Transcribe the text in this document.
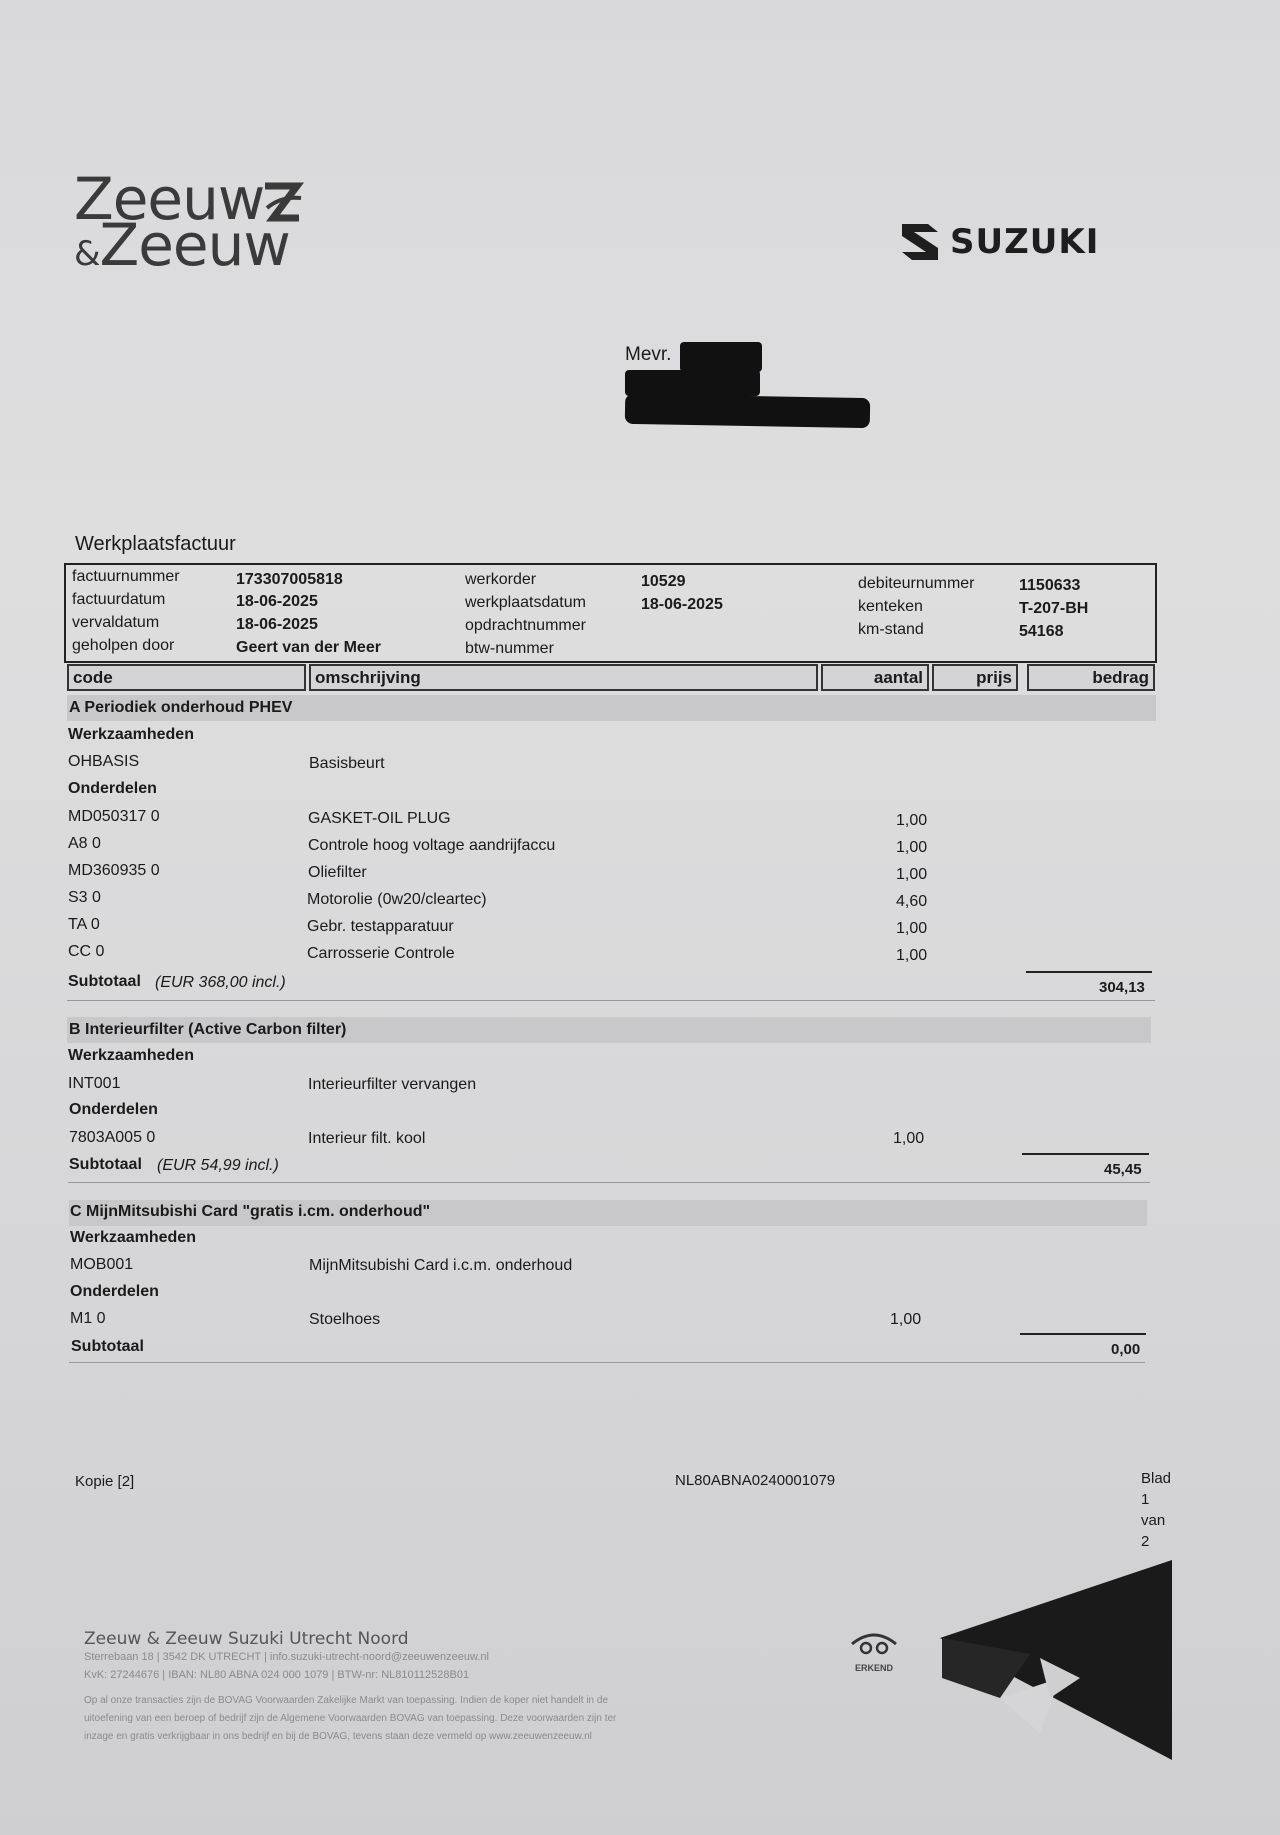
Zeeuw
&Zeeuw	SUZUKI
Mevr.
Werkplaatsfactuur
factuurnummer	173307005818
factuurdatum	18-06-2025
vervaldatum	18-06-2025
geholpen door	Geert van der Meer
werkorder	10529
werkplaatsdatum	18-06-2025
opdrachtnummer
btw-nummer
debiteurnummer	1150633
kenteken	T-207-BH
km-stand	54168
code	omschrijving	aantal	prijs	bedrag
A Periodiek onderhoud PHEV
Werkzaamheden
OHBASIS	Basisbeurt
Onderdelen
MD050317 0	GASKET-OIL PLUG	1,00
A8 0	Controle hoog voltage aandrijfaccu	1,00
MD360935 0	Oliefilter	1,00
S3 0	Motorolie (0w20/cleartec)	4,60
TA 0	Gebr. testapparatuur	1,00
CC 0	Carrosserie Controle	1,00
Subtotaal (EUR 368,00 incl.)	304,13
B Interieurfilter (Active Carbon filter)
Werkzaamheden
INT001	Interieurfilter vervangen
Onderdelen
7803A005 0	Interieur filt. kool	1,00
Subtotaal (EUR 54,99 incl.)	45,45
C MijnMitsubishi Card "gratis i.cm. onderhoud"
Werkzaamheden
MOB001	MijnMitsubishi Card i.c.m. onderhoud
Onderdelen
M1 0	Stoelhoes	1,00
Subtotaal	0,00
Kopie [2]	NL80ABNA0240001079	Blad
1
van
2
Zeeuw & Zeeuw Suzuki Utrecht Noord
Sterrebaan 18 | 3542 DK UTRECHT | info.suzuki-utrecht-noord@zeeuwenzeeuw.nl
KvK: 27244676 | IBAN: NL80 ABNA 024 000 1079 | BTW-nr: NL810112528B01
Op al onze transacties zijn de BOVAG Voorwaarden Zakelijke Markt van toepassing. Indien de koper niet handelt in de
uitoefening van een beroep of bedrijf zijn de Algemene Voorwaarden BOVAG van toepassing. Deze voorwaarden zijn ter
inzage en gratis verkrijgbaar in ons bedrijf en bij de BOVAG, tevens staan deze vermeld op www.zeeuwenzeeuw.nl
ERKEND
